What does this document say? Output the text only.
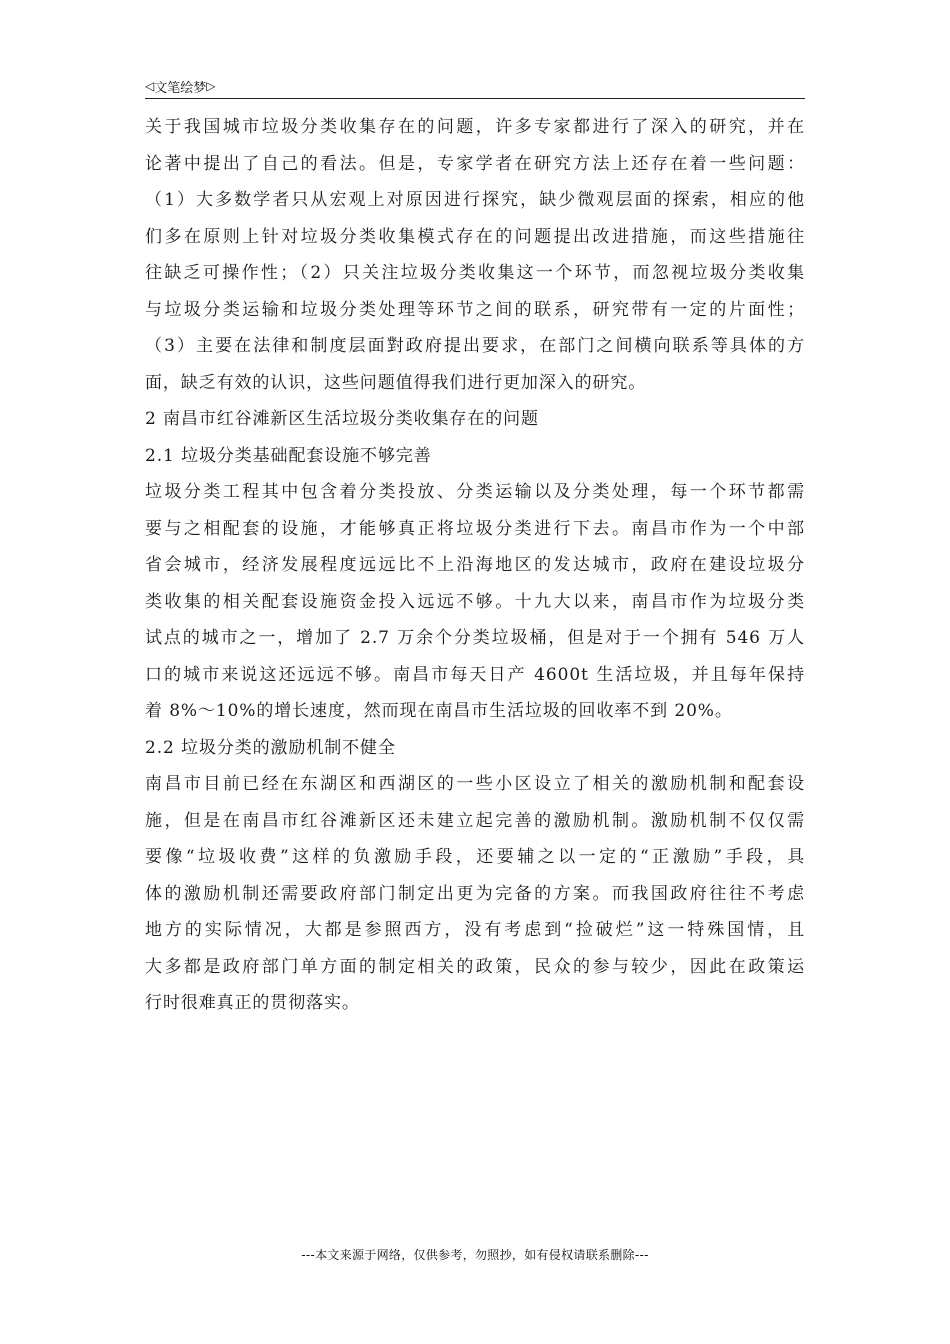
◁ 文笔绘梦 ▷
关于我国城市垃圾分类收集存在的问题，许多专家都进行了深入的研究，并在
论著中提出了自己的看法。但是，专家学者在研究方法上还存在着一些问题：
（1）大多数学者只从宏观上对原因进行探究，缺少微观层面的探索，相应的他
们多在原则上针对垃圾分类收集模式存在的问题提出改进措施，而这些措施往
往缺乏可操作性；（2）只关注垃圾分类收集这一个环节，而忽视垃圾分类收集
与垃圾分类运输和垃圾分类处理等环节之间的联系，研究带有一定的片面性；
（3）主要在法律和制度层面對政府提出要求，在部门之间横向联系等具体的方
面，缺乏有效的认识，这些问题值得我们进行更加深入的研究。
2 南昌市红谷滩新区生活垃圾分类收集存在的问题
2.1 垃圾分类基础配套设施不够完善
垃圾分类工程其中包含着分类投放、分类运输以及分类处理，每一个环节都需
要与之相配套的设施，才能够真正将垃圾分类进行下去。南昌市作为一个中部
省会城市，经济发展程度远远比不上沿海地区的发达城市，政府在建设垃圾分
类收集的相关配套设施资金投入远远不够。十九大以来，南昌市作为垃圾分类
试点的城市之一，增加了 2.7 万余个分类垃圾桶，但是对于一个拥有 546 万人
口的城市来说这还远远不够。南昌市每天日产 4600t 生活垃圾，并且每年保持
着 8%～10%的增长速度，然而现在南昌市生活垃圾的回收率不到 20%。
2.2 垃圾分类的激励机制不健全
南昌市目前已经在东湖区和西湖区的一些小区设立了相关的激励机制和配套设
施，但是在南昌市红谷滩新区还未建立起完善的激励机制。激励机制不仅仅需
要像“垃圾收费”这样的负激励手段，还要辅之以一定的“正激励”手段，具
体的激励机制还需要政府部门制定出更为完备的方案。而我国政府往往不考虑
地方的实际情况，大都是参照西方，没有考虑到“捡破烂”这一特殊国情，且
大多都是政府部门单方面的制定相关的政策，民众的参与较少，因此在政策运
行时很难真正的贯彻落实。
---本文来源于网络，仅供参考，勿照抄，如有侵权请联系删除---
